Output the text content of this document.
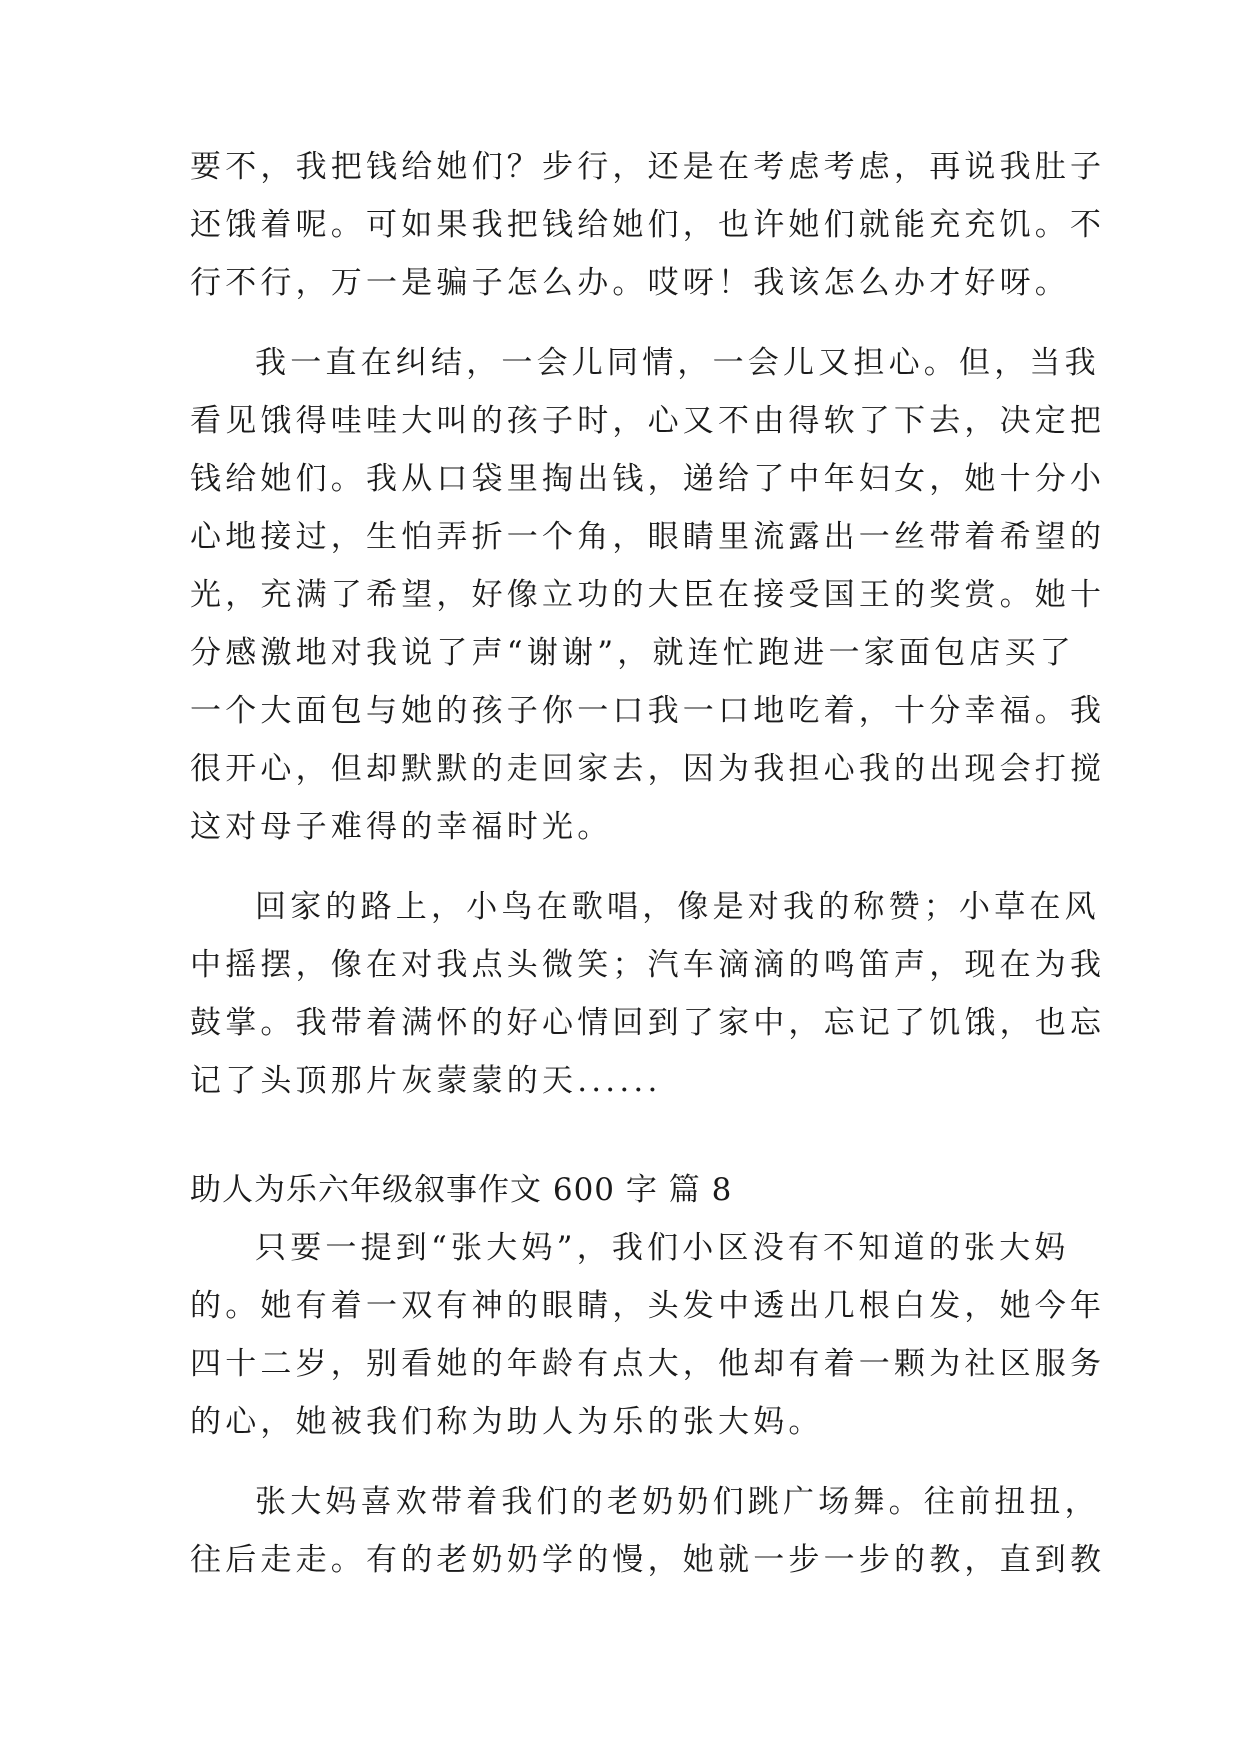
要不，我把钱给她们？步行，还是在考虑考虑，再说我肚子
还饿着呢。可如果我把钱给她们，也许她们就能充充饥。不
行不行，万一是骗子怎么办。哎呀！我该怎么办才好呀。
我一直在纠结，一会儿同情，一会儿又担心。但，当我
看见饿得哇哇大叫的孩子时，心又不由得软了下去，决定把
钱给她们。我从口袋里掏出钱，递给了中年妇女，她十分小
心地接过，生怕弄折一个角，眼睛里流露出一丝带着希望的
光，充满了希望，好像立功的大臣在接受国王的奖赏。她十
分感激地对我说了声“谢谢”，就连忙跑进一家面包店买了
一个大面包与她的孩子你一口我一口地吃着，十分幸福。我
很开心，但却默默的走回家去，因为我担心我的出现会打搅
这对母子难得的幸福时光。
回家的路上，小鸟在歌唱，像是对我的称赞；小草在风
中摇摆，像在对我点头微笑；汽车滴滴的鸣笛声，现在为我
鼓掌。我带着满怀的好心情回到了家中，忘记了饥饿，也忘
记了头顶那片灰蒙蒙的天......
助人为乐六年级叙事作文 600 字 篇 8
只要一提到“张大妈”，我们小区没有不知道的张大妈
的。她有着一双有神的眼睛，头发中透出几根白发，她今年
四十二岁，别看她的年龄有点大，他却有着一颗为社区服务
的心，她被我们称为助人为乐的张大妈。
张大妈喜欢带着我们的老奶奶们跳广场舞。往前扭扭，
往后走走。有的老奶奶学的慢，她就一步一步的教，直到教
